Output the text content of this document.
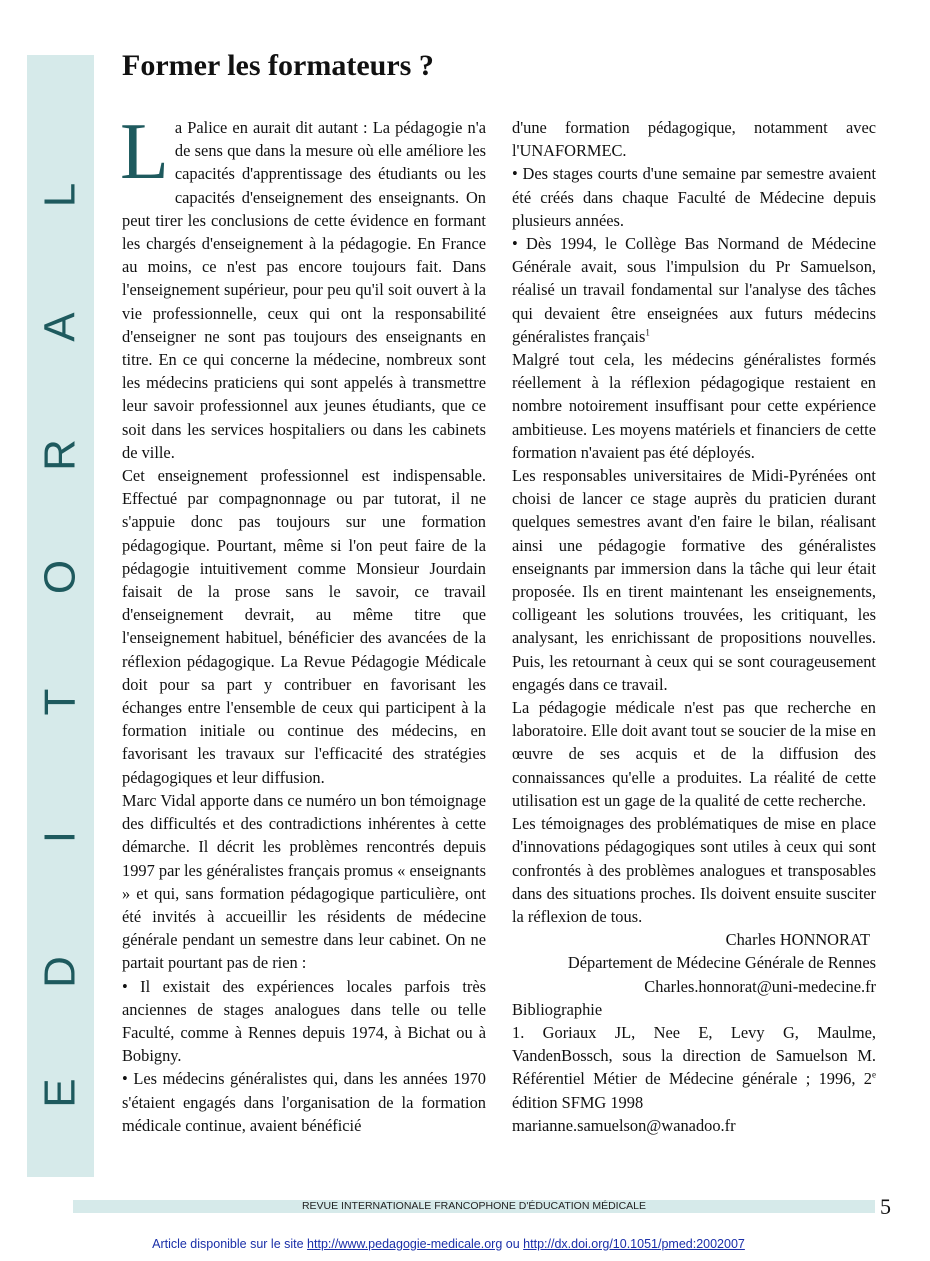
E
D
I
T
O
R
A
L
Former les formateurs ?

La Palice en aurait dit autant : La pédagogie n'a de sens que dans la mesure où elle améliore les capacités d'apprentissage des étudiants ou les capacités d'enseignement des enseignants. On peut tirer les conclusions de cette évidence en formant les chargés d'enseignement à la pédagogie. En France au moins, ce n'est pas encore toujours fait. Dans l'enseignement supérieur, pour peu qu'il soit ouvert à la vie professionnelle, ceux qui ont la responsabilité d'enseigner ne sont pas toujours des enseignants en titre. En ce qui concerne la médecine, nombreux sont les médecins praticiens qui sont appelés à transmettre leur savoir professionnel aux jeunes étudiants, que ce soit dans les services hospitaliers ou dans les cabinets de ville.

Cet enseignement professionnel est indispensable. Effectué par compagnonnage ou par tutorat, il ne s'appuie donc pas toujours sur une formation pédagogique. Pourtant, même si l'on peut faire de la pédagogie intuitivement comme Monsieur Jourdain faisait de la prose sans le savoir, ce travail d'enseignement devrait, au même titre que l'enseignement habituel, bénéficier des avancées de la réflexion pédagogique. La Revue Pédagogie Médicale doit pour sa part y contribuer en favorisant les échanges entre l'ensemble de ceux qui participent à la formation initiale ou continue des médecins, en favorisant les travaux sur l'efficacité des stratégies pédagogiques et leur diffusion.

Marc Vidal apporte dans ce numéro un bon témoignage des difficultés et des contradictions inhérentes à cette démarche. Il décrit les problèmes rencontrés depuis 1997 par les généralistes français promus « enseignants » et qui, sans formation pédagogique particulière, ont été invités à accueillir les résidents de médecine générale pendant un semestre dans leur cabinet. On ne partait pourtant pas de rien :

• Il existait des expériences locales parfois très anciennes de stages analogues dans telle ou telle Faculté, comme à Rennes depuis 1974, à Bichat ou à Bobigny.

• Les médecins généralistes qui, dans les années 1970 s'étaient engagés dans l'organisation de la formation médicale continue, avaient bénéficié

d'une formation pédagogique, notamment avec l'UNAFORMEC.

• Des stages courts d'une semaine par semestre avaient été créés dans chaque Faculté de Médecine depuis plusieurs années.

• Dès 1994, le Collège Bas Normand de Médecine Générale avait, sous l'impulsion du Pr Samuelson, réalisé un travail fondamental sur l'analyse des tâches qui devaient être enseignées aux futurs médecins généralistes français$^1$

Malgré tout cela, les médecins généralistes formés réellement à la réflexion pédagogique restaient en nombre notoirement insuffisant pour cette expérience ambitieuse. Les moyens matériels et financiers de cette formation n'avaient pas été déployés.

Les responsables universitaires de Midi-Pyrénées ont choisi de lancer ce stage auprès du praticien durant quelques semestres avant d'en faire le bilan, réalisant ainsi une pédagogie formative des généralistes enseignants par immersion dans la tâche qui leur était proposée. Ils en tirent maintenant les enseignements, colligeant les solutions trouvées, les critiquant, les analysant, les enrichissant de propositions nouvelles. Puis, les retournant à ceux qui se sont courageusement engagés dans ce travail.

La pédagogie médicale n'est pas que recherche en laboratoire. Elle doit avant tout se soucier de la mise en œuvre de ses acquis et de la diffusion des connaissances qu'elle a produites. La réalité de cette utilisation est un gage de la qualité de cette recherche.

Les témoignages des problématiques de mise en place d'innovations pédagogiques sont utiles à ceux qui sont confrontés à des problèmes analogues et transposables dans des situations proches. Ils doivent ensuite susciter la réflexion de tous.

Charles HONNORAT

Département de Médecine Générale de Rennes

Charles.honnorat@uni-medecine.fr

Bibliographie

1. Goriaux JL, Nee E, Levy G, Maulme, VandenBossch, sous la direction de Samuelson M. Référentiel Métier de Médecine générale ; 1996, 2e édition SFMG 1998

marianne.samuelson@wanadoo.fr

REVUE INTERNATIONALE FRANCOPHONE D'ÉDUCATION MÉDICALE	5
Article disponible sur le site http://www.pedagogie-medicale.org ou http://dx.doi.org/10.1051/pmed:2002007
